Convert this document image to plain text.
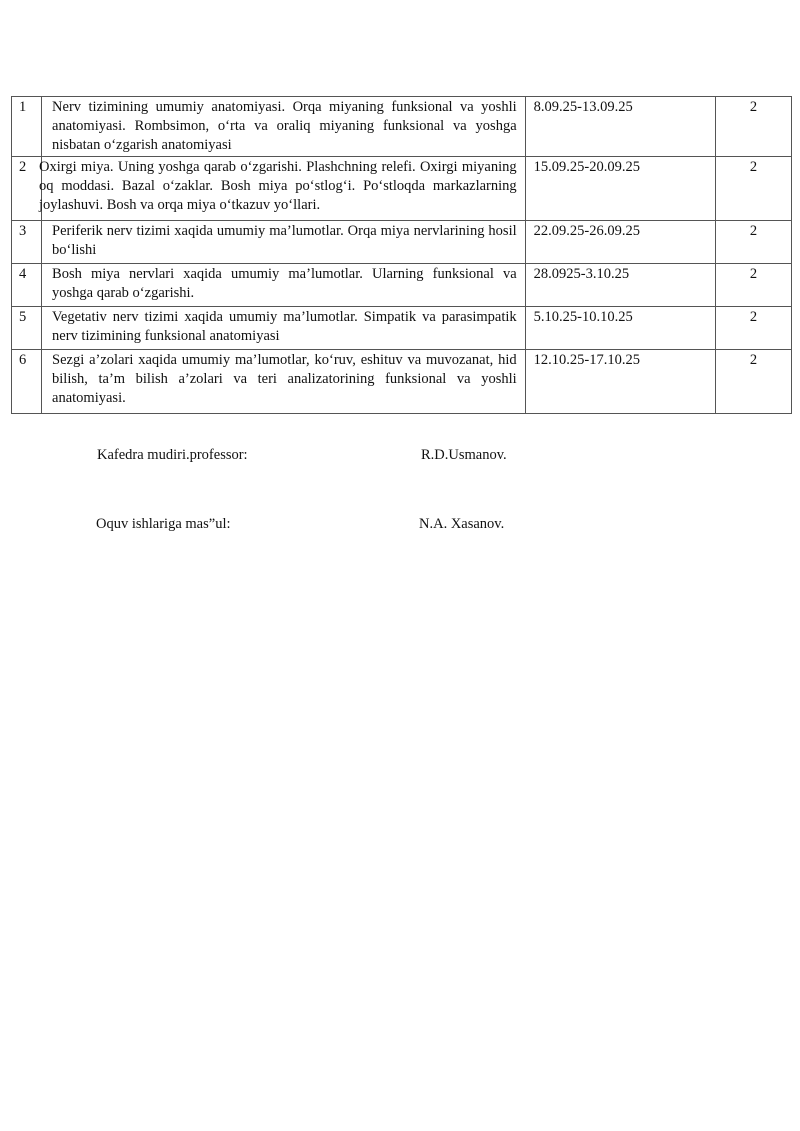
1	Nerv tizimining umumiy anatomiyasi. Orqa miyaning funksional va yoshli anatomiyasi. Rombsimon, o‘rta va oraliq miyaning funksional va yoshga nisbatan o‘zgarish anatomiyasi	8.09.25-13.09.25	2

2	Oxirgi miya. Uning yoshga qarab o‘zgarishi. Plashchning relefi. Oxirgi miyaning oq moddasi. Bazal o‘zaklar. Bosh miya po‘stlog‘i. Po‘stloqda markazlarning joylashuvi. Bosh va orqa miya o‘tkazuv yo‘llari.	15.09.25-20.09.25	2

3	Periferik nerv tizimi xaqida umumiy ma’lumotlar. Orqa miya nervlarining hosil bo‘lishi	22.09.25-26.09.25	2

4	Bosh miya nervlari xaqida umumiy ma’lumotlar. Ularning funksional va yoshga qarab o‘zgarishi.	28.0925-3.10.25	2

5	Vegetativ nerv tizimi xaqida umumiy ma’lumotlar. Simpatik va parasimpatik nerv tizimining funksional anatomiyasi	5.10.25-10.10.25	2

6	Sezgi a’zolari xaqida umumiy ma’lumotlar, ko‘ruv, eshituv va muvozanat, hid bilish, ta’m bilish a’zolari va teri analizatorining funksional va yoshli anatomiyasi.	12.10.25-17.10.25	2
Kafedra mudiri.professor:	R.D.Usmanov.
Oquv ishlariga mas”ul:	N.A. Xasanov.
